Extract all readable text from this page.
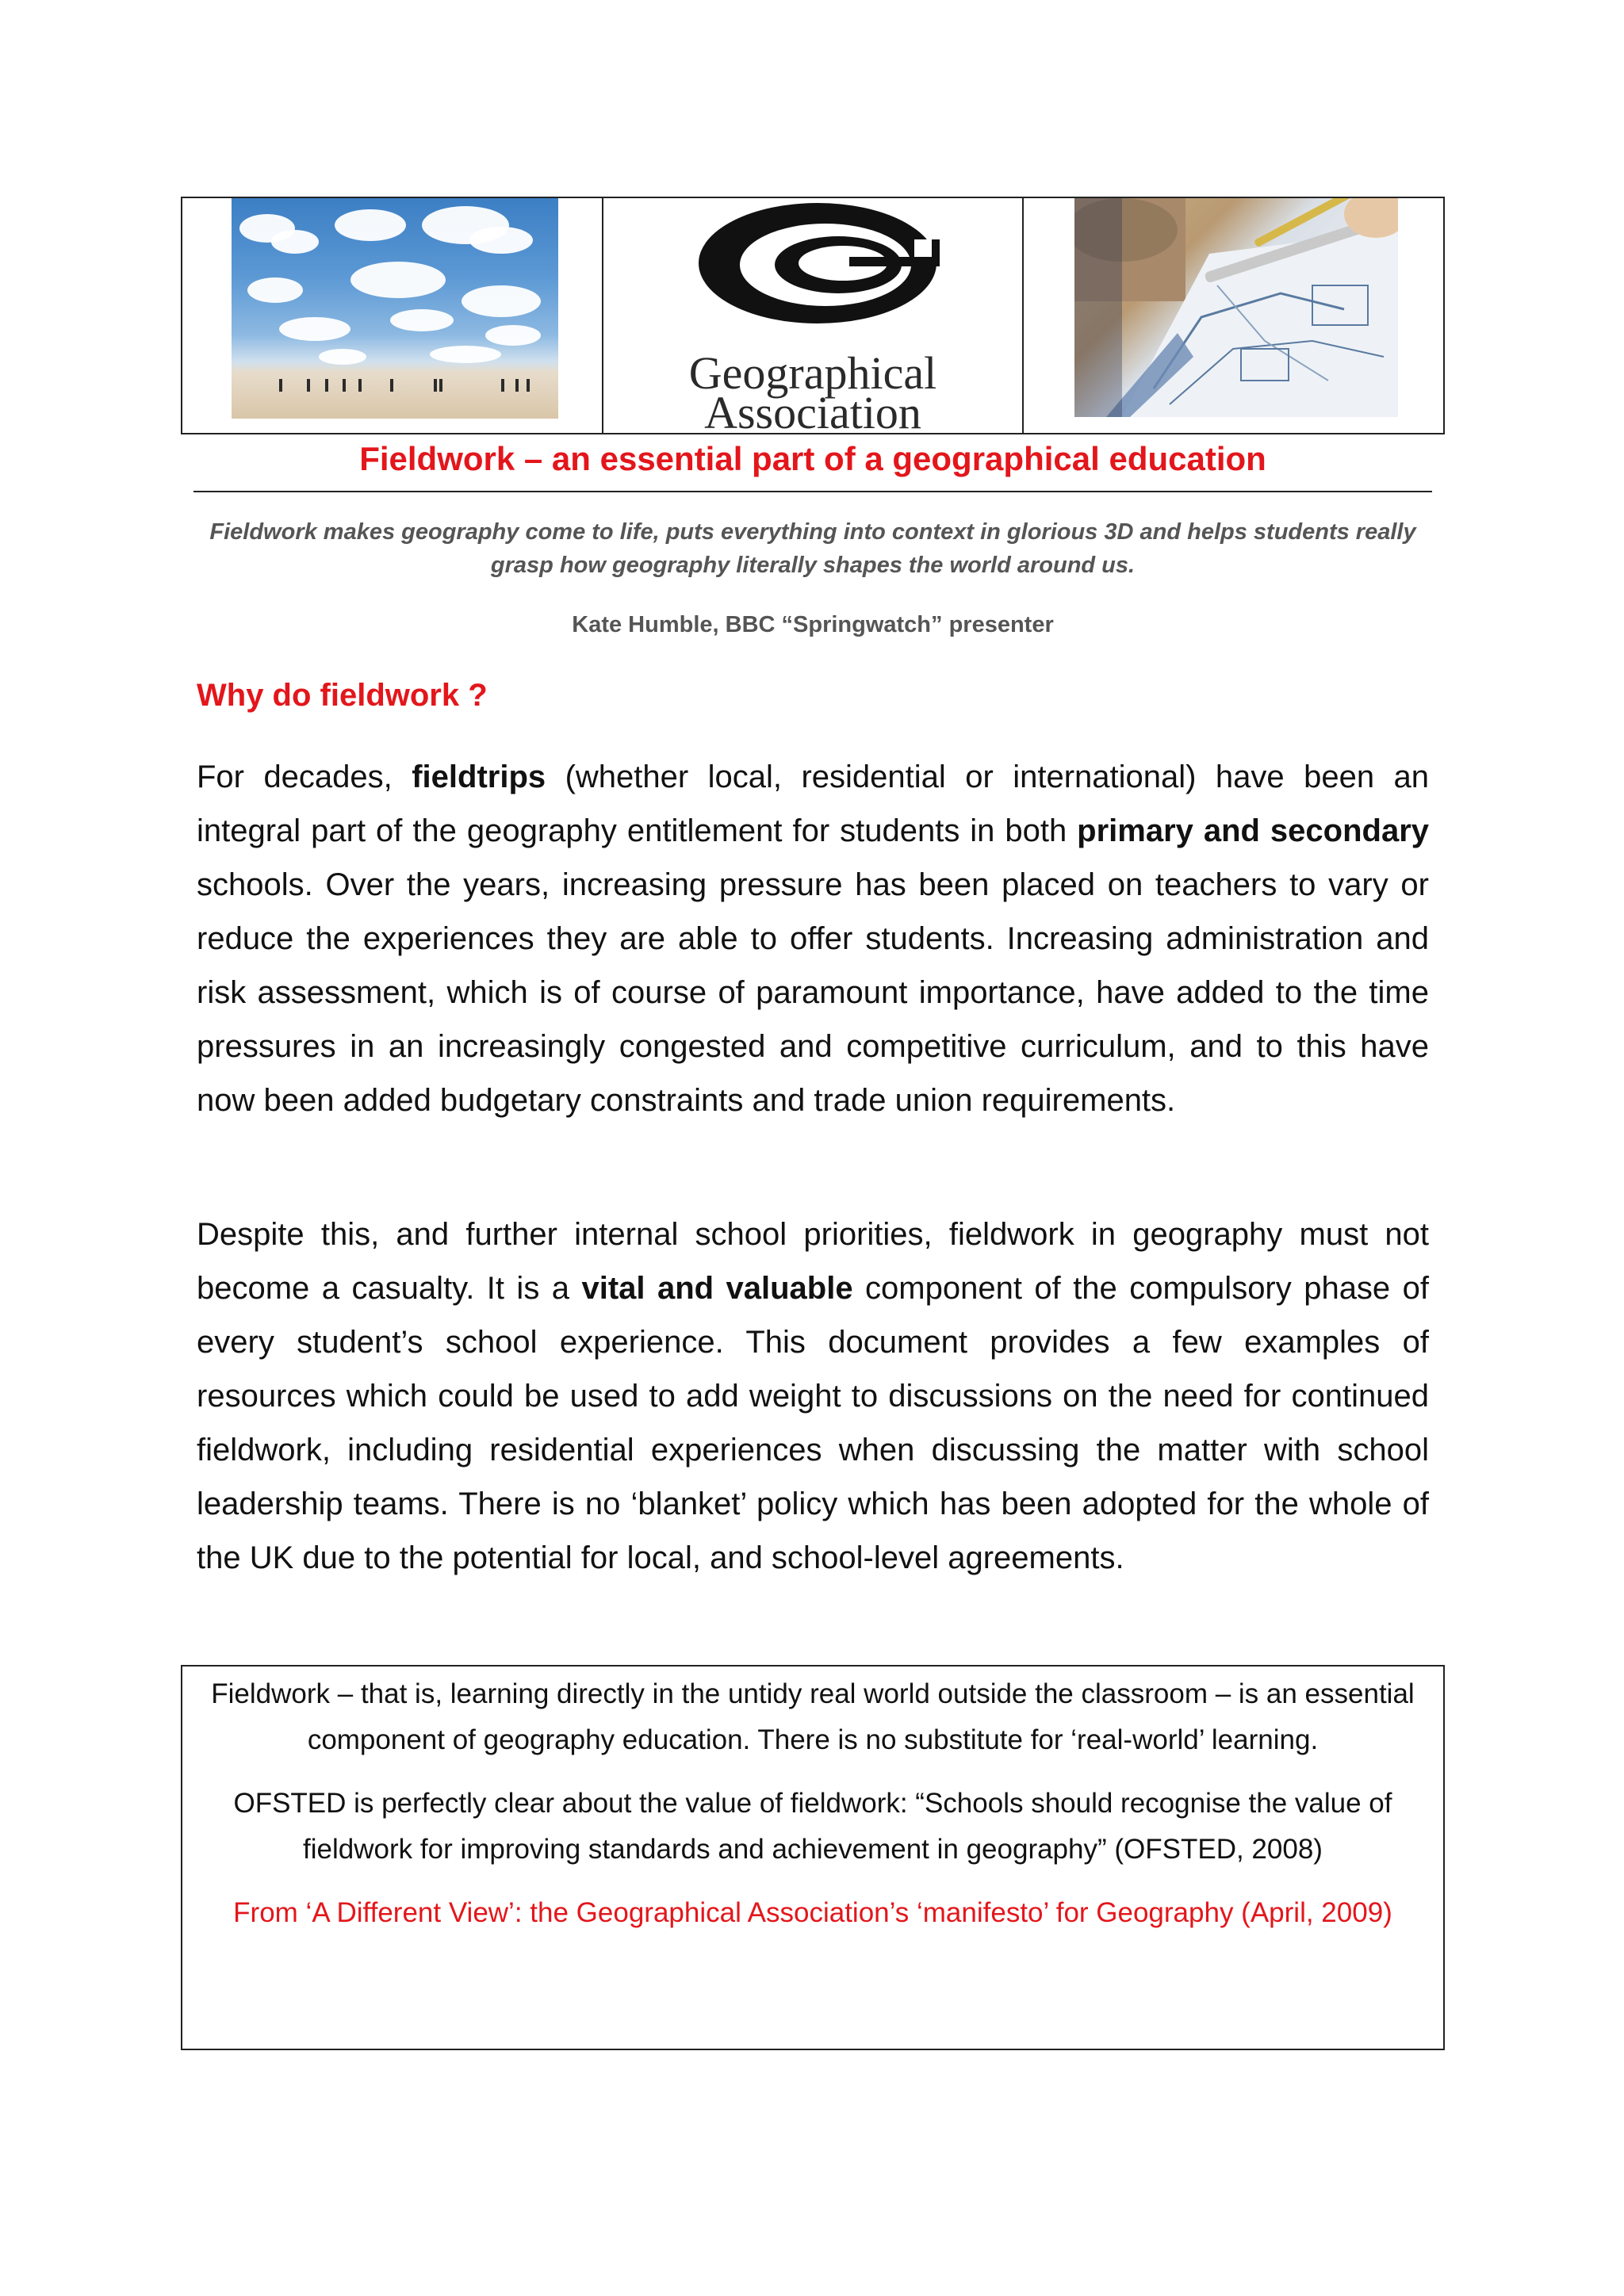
Geographical
Association
Fieldwork – an essential part of a geographical education

Fieldwork makes geography come to life, puts everything into context in glorious 3D and helps students really grasp how geography literally shapes the world around us.

Kate Humble, BBC “Springwatch” presenter

Why do fieldwork ?

For decades, fieldtrips (whether local, residential or international) have been an integral part of the geography entitlement for students in both primary and secondary schools. Over the years, increasing pressure has been placed on teachers to vary or reduce the experiences they are able to offer students. Increasing administration and risk assessment, which is of course of paramount importance, have added to the time pressures in an increasingly congested and competitive curriculum, and to this have now been added budgetary constraints and trade union requirements.

Despite this, and further internal school priorities, fieldwork in geography must not become a casualty. It is a vital and valuable component of the compulsory phase of every student’s school experience. This document provides a few examples of resources which could be used to add weight to discussions on the need for continued fieldwork, including residential experiences when discussing the matter with school leadership teams. There is no ‘blanket’ policy which has been adopted for the whole of the UK due to the potential for local, and school-level agreements.

Fieldwork – that is, learning directly in the untidy real world outside the classroom – is an essential component of geography education. There is no substitute for ‘real-world’ learning.

OFSTED is perfectly clear about the value of fieldwork: “Schools should recognise the value of fieldwork for improving standards and achievement in geography” (OFSTED, 2008)

From ‘A Different View’: the Geographical Association’s ‘manifesto’ for Geography (April, 2009)
